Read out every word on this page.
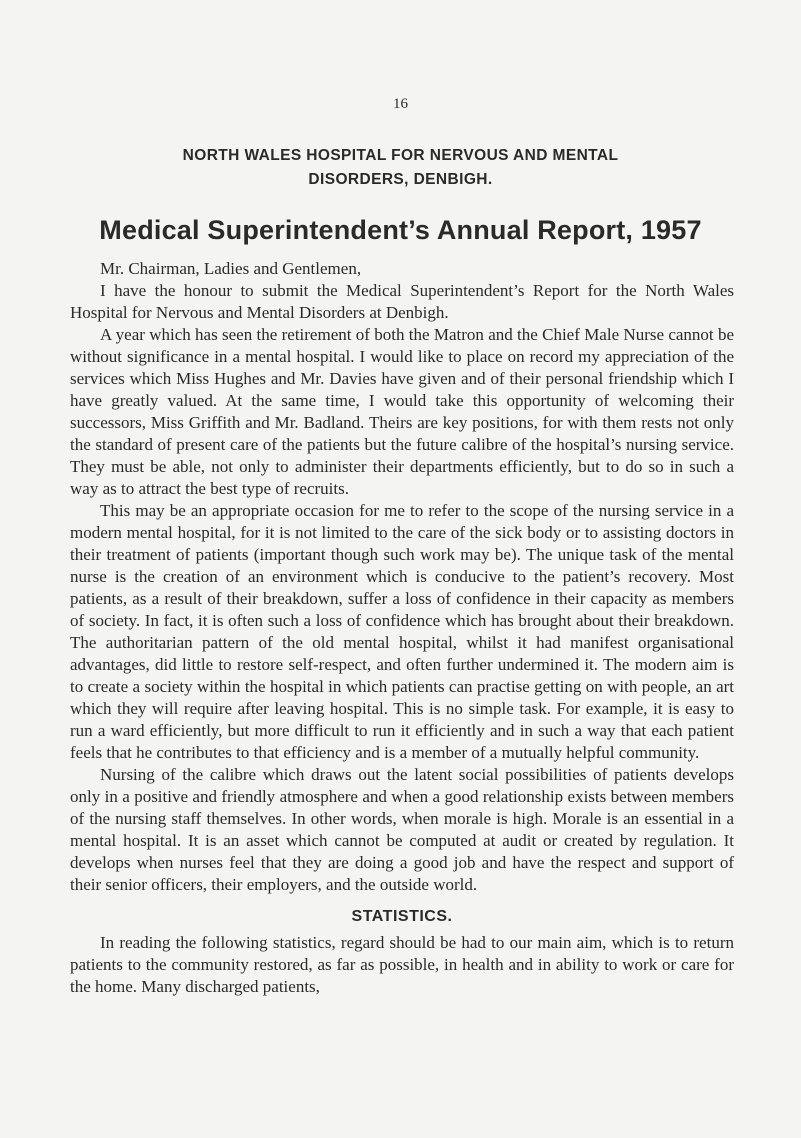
16
NORTH WALES HOSPITAL FOR NERVOUS AND MENTAL
DISORDERS, DENBIGH.
Medical Superintendent’s Annual Report, 1957

Mr. Chairman, Ladies and Gentlemen,

I have the honour to submit the Medical Superintendent’s Report for the North Wales Hospital for Nervous and Mental Disorders at Denbigh.

A year which has seen the retirement of both the Matron and the Chief Male Nurse cannot be without significance in a mental hospital. I would like to place on record my appreciation of the services which Miss Hughes and Mr. Davies have given and of their personal friendship which I have greatly valued. At the same time, I would take this opportunity of welcoming their successors, Miss Griffith and Mr. Badland. Theirs are key positions, for with them rests not only the standard of present care of the patients but the future calibre of the hospital’s nursing service. They must be able, not only to administer their departments efficiently, but to do so in such a way as to attract the best type of recruits.

This may be an appropriate occasion for me to refer to the scope of the nursing service in a modern mental hospital, for it is not limited to the care of the sick body or to assisting doctors in their treatment of patients (important though such work may be). The unique task of the mental nurse is the creation of an environment which is conducive to the patient’s recovery. Most patients, as a result of their breakdown, suffer a loss of confidence in their capacity as members of society. In fact, it is often such a loss of confidence which has brought about their breakdown. The authoritarian pattern of the old mental hospital, whilst it had manifest organisational advantages, did little to restore self-respect, and often further undermined it. The modern aim is to create a society within the hospital in which patients can practise getting on with people, an art which they will require after leaving hospital. This is no simple task. For example, it is easy to run a ward efficiently, but more difficult to run it efficiently and in such a way that each patient feels that he contributes to that efficiency and is a member of a mutually helpful community.

Nursing of the calibre which draws out the latent social possibilities of patients develops only in a positive and friendly atmosphere and when a good relationship exists between members of the nursing staff themselves. In other words, when morale is high. Morale is an essential in a mental hospital. It is an asset which cannot be computed at audit or created by regulation. It develops when nurses feel that they are doing a good job and have the respect and support of their senior officers, their employers, and the outside world.

STATISTICS.

In reading the following statistics, regard should be had to our main aim, which is to return patients to the community restored, as far as possible, in health and in ability to work or care for the home. Many discharged patients,
